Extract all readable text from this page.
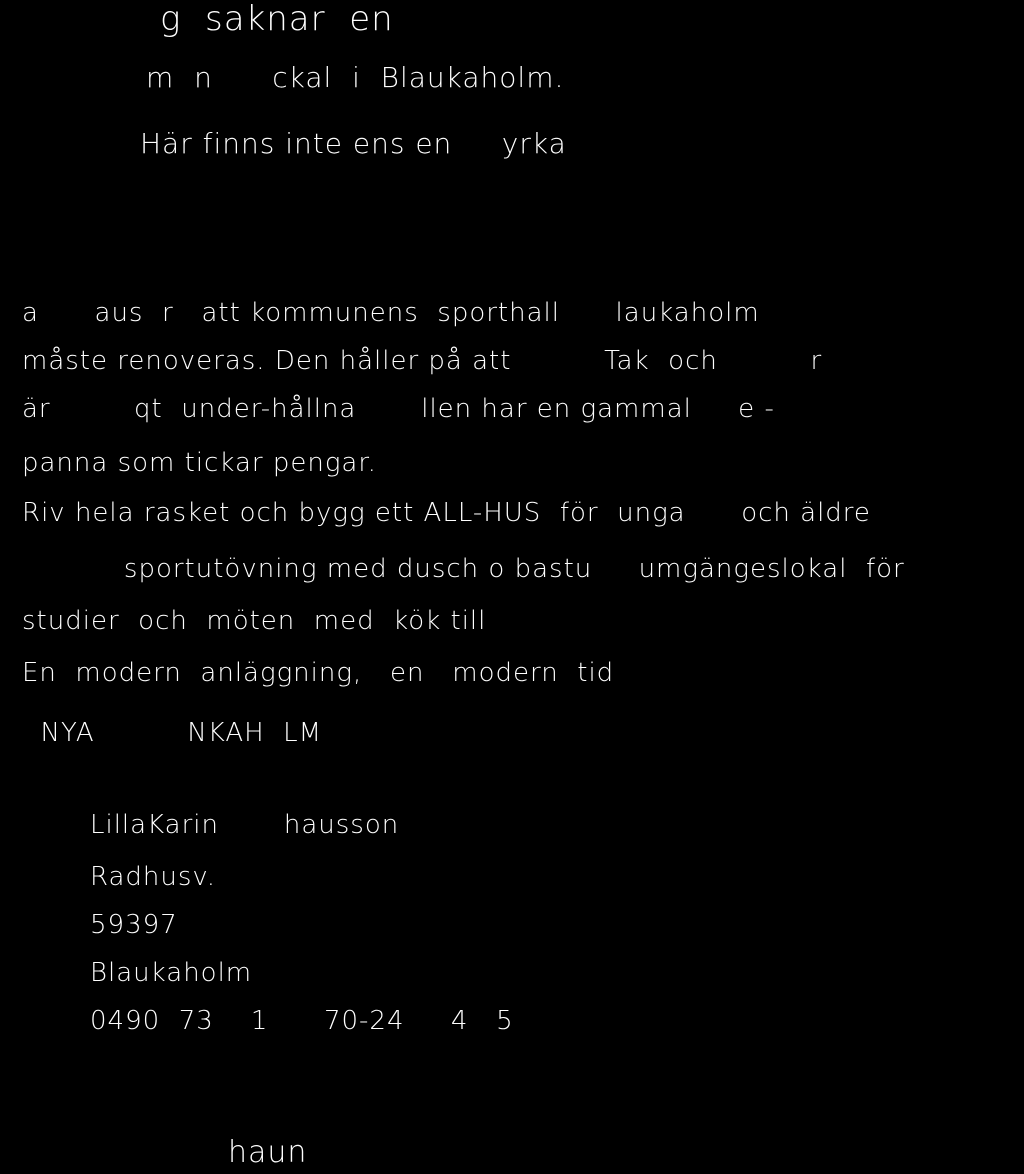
g  saknar  en
m  n      ckal  i  Blaukaholm.
Här finns inte ens en     yrka
a      aus  r   att kommunens  sporthall      laukaholm
måste renoveras. Den håller på att          Tak  och          r
är         qt  under-hållna       llen har en gammal     e -
panna som tickar pengar.
Riv hela rasket och bygg ett ALL-HUS  för  unga      och äldre
sportutövning med dusch o bastu     umgängeslokal  för
studier  och  möten  med  kök till
En  modern  anläggning,   en   modern  tid
NYA          NKAH  LM
LillaKarin       hausson
Radhusv.
59397
Blaukaholm
0490  73    1      70-24     4   5
haun
